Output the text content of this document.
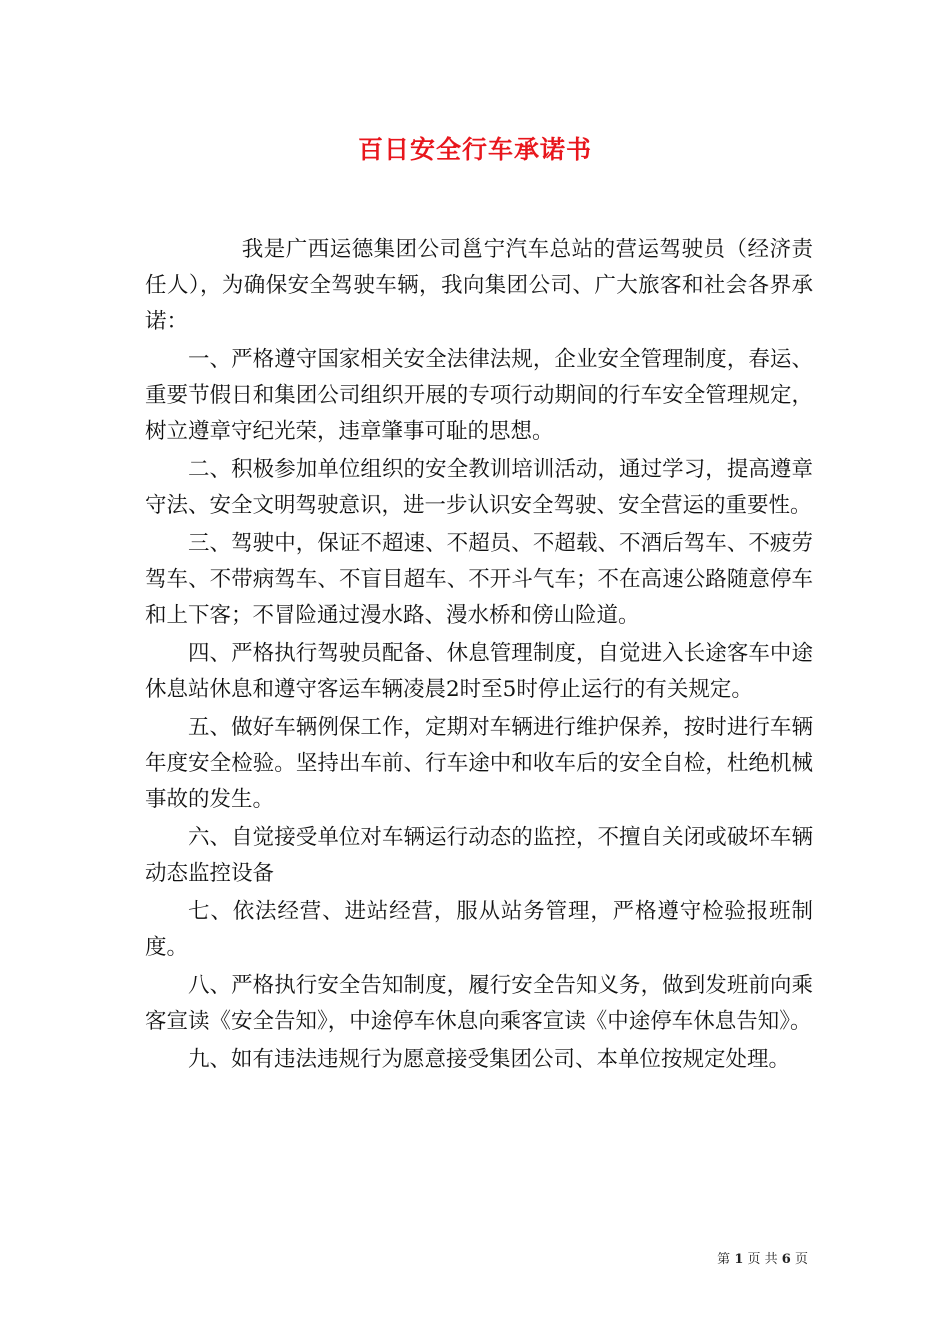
百日安全行车承诺书

我是广西运德集团公司邕宁汽车总站的营运驾驶员（经济责任人），为确保安全驾驶车辆，我向集团公司、广大旅客和社会各界承诺：

一、严格遵守国家相关安全法律法规，企业安全管理制度，春运、重要节假日和集团公司组织开展的专项行动期间的行车安全管理规定，树立遵章守纪光荣，违章肇事可耻的思想。

二、积极参加单位组织的安全教训培训活动，通过学习，提高遵章守法、安全文明驾驶意识，进一步认识安全驾驶、安全营运的重要性。

三、驾驶中，保证不超速、不超员、不超载、不酒后驾车、不疲劳驾车、不带病驾车、不盲目超车、不开斗气车；不在高速公路随意停车和上下客；不冒险通过漫水路、漫水桥和傍山险道。

四、严格执行驾驶员配备、休息管理制度，自觉进入长途客车中途休息站休息和遵守客运车辆凌晨2时至5时停止运行的有关规定。

五、做好车辆例保工作，定期对车辆进行维护保养，按时进行车辆年度安全检验。坚持出车前、行车途中和收车后的安全自检，杜绝机械事故的发生。

六、自觉接受单位对车辆运行动态的监控，不擅自关闭或破坏车辆动态监控设备

七、依法经营、进站经营，服从站务管理，严格遵守检验报班制度。

八、严格执行安全告知制度，履行安全告知义务，做到发班前向乘客宣读《安全告知》，中途停车休息向乘客宣读《中途停车休息告知》。

九、如有违法违规行为愿意接受集团公司、本单位按规定处理。

第 1 页 共 6 页
